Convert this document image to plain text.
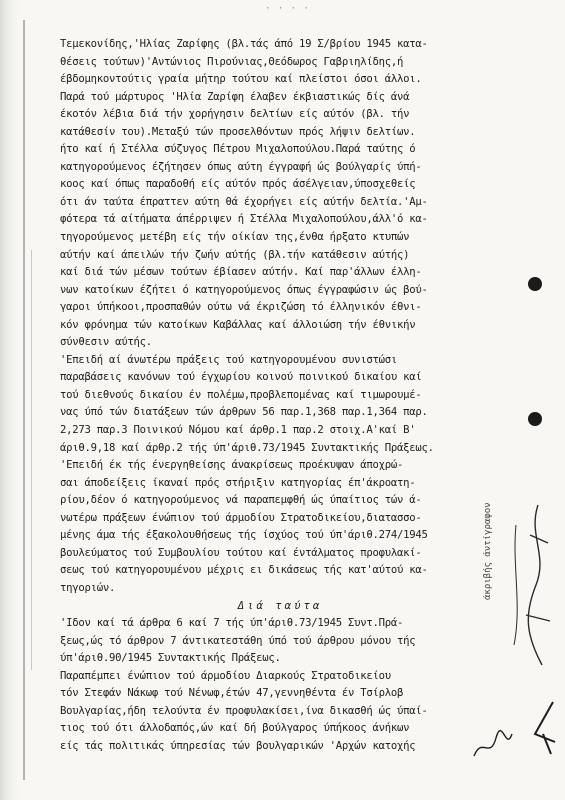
· · · ·
Τεμεκονίδης,'Ηλίας Ζαρίφης (βλ.τάς άπό 19 Σ/βρίου 1945 κατα-
θέσεις τούτων)'Αντώνιος Πιρούνιας,Θεόδωρος Γαβριηλίδης,ή
έβδομηκοντούτις γραία μήτηρ τούτου καί πλείστοι όσοι άλλοι.
Παρά τού μάρτυρος 'Ηλία Ζαρίφη έλαβεν έκβιαστικώς δίς άνά
έκοτόν λέβια διά τήν χορήγησιν δελτίων είς αύτόν (βλ. τήν
κατάθεσίν του).Μεταξύ τών προσελθόντων πρός λήψιν δελτίων.
ήτο καί ή Στέλλα σύζυγος Πέτρου Μιχαλοπούλου.Παρά ταύτης ό
κατηγορούμενος έζήτησεν όπως αύτη έγγραφή ώς βούλγαρίς ύπή-
κοος καί όπως παραδοθή είς αύτόν πρός άσέλγειαν,ύποσχεθείς
ότι άν ταύτα έπραττεν αύτη θά έχορήγει είς αύτήν δελτία.'Αμ-
φότερα τά αίτήματα άπέρριψεν ή Στέλλα Μιχαλοπούλου,άλλ'ό κα-
τηγορούμενος μετέβη είς τήν οίκίαν της,ένθα ήρξατο κτυπών
αύτήν καί άπειλών τήν ζωήν αύτής (βλ.τήν κατάθεσιν αύτής)
καί διά τών μέσων τούτων έβίασεν αύτήν. Καί παρ'άλλων έλλη-
νων κατοίκων έζήτει ό κατηγορούμενος όπως έγγραφώσιν ώς βού-
γαροι ύπήκοοι,προσπαθών ούτω νά έκριζώση τό έλληνικόν έθνι-
κόν φρόνημα τών κατοίκων Καβάλλας καί άλλοιώση τήν έθνικήν
σύνθεσιν αύτής.
'Επειδή αί άνωτέρω πράξεις τού κατηγορουμένου συνιστώσι
παραβάσεις κανόνων τού έγχωρίου κοινού ποινικού δικαίου καί
τού διεθνούς δικαίου έν πολέμω,προβλεπομένας καί τιμωρουμέ-
νας ύπό τών διατάξεων τών άρθρων 56 παρ.1,368 παρ.1,364 παρ.
2,273 παρ.3 Ποινικού Νόμου καί άρθρ.1 παρ.2 στοιχ.Α'καί Β'
άριθ.9,18 καί άρθρ.2 τής ύπ'άριθ.73/1945 Συντακτικής Πράξεως.
'Επειδή έκ τής ένεργηθείσης άνακρίσεως προέκυψαν άποχρώ-
σαι άποδείξεις ίκαναί πρός στήριξιν κατηγορίας έπ'άκροατη-
ρίου,δέον ό κατηγορούμενος νά παραπεμφθή ώς ύπαίτιος τών ά-
νωτέρω πράξεων ένώπιον τού άρμοδίου Στρατοδικείου,διατασσο-
μένης άμα τής έξακολουθήσεως τής ίσχύος τού ύπ'άριθ.274/1945
βουλεύματος τού Συμβουλίου τούτου καί έντάλματος προφυλακί-
σεως τού κατηγορουμένου μέχρις ει δικάσεως τής κατ'αύτού κα-
τηγοριών.
Διά ταύτα
'Ιδον καί τά άρθρα 6 καί 7 τής ύπ'άριθ.73/1945 Συντ.Πρά-
ξεως,ώς τό άρθρον 7 άντικατεστάθη ύπό τού άρθρου μόνου τής
ύπ'άριθ.90/1945 Συντακτικής Πράξεως.
Παραπέμπει ένώπιον τού άρμοδίου Διαρκούς Στρατοδικείου
τόν Στεφάν Νάκωφ τού Νένωφ,έτών 47,γεννηθέντα έν Τσίρλοβ
Βουλγαρίας,ήδη τελούντα έν προφυλακίσει,ίνα δικασθή ώς ύπαί-
τιος τού ότι άλλοδαπός,ών καί δή βούλγαρος ύπήκοος άνήκων
είς τάς πολιτικάς ύπηρεσίας τών βουλγαρικών 'Αρχών κατοχής
άκριβής άντίγραφον
